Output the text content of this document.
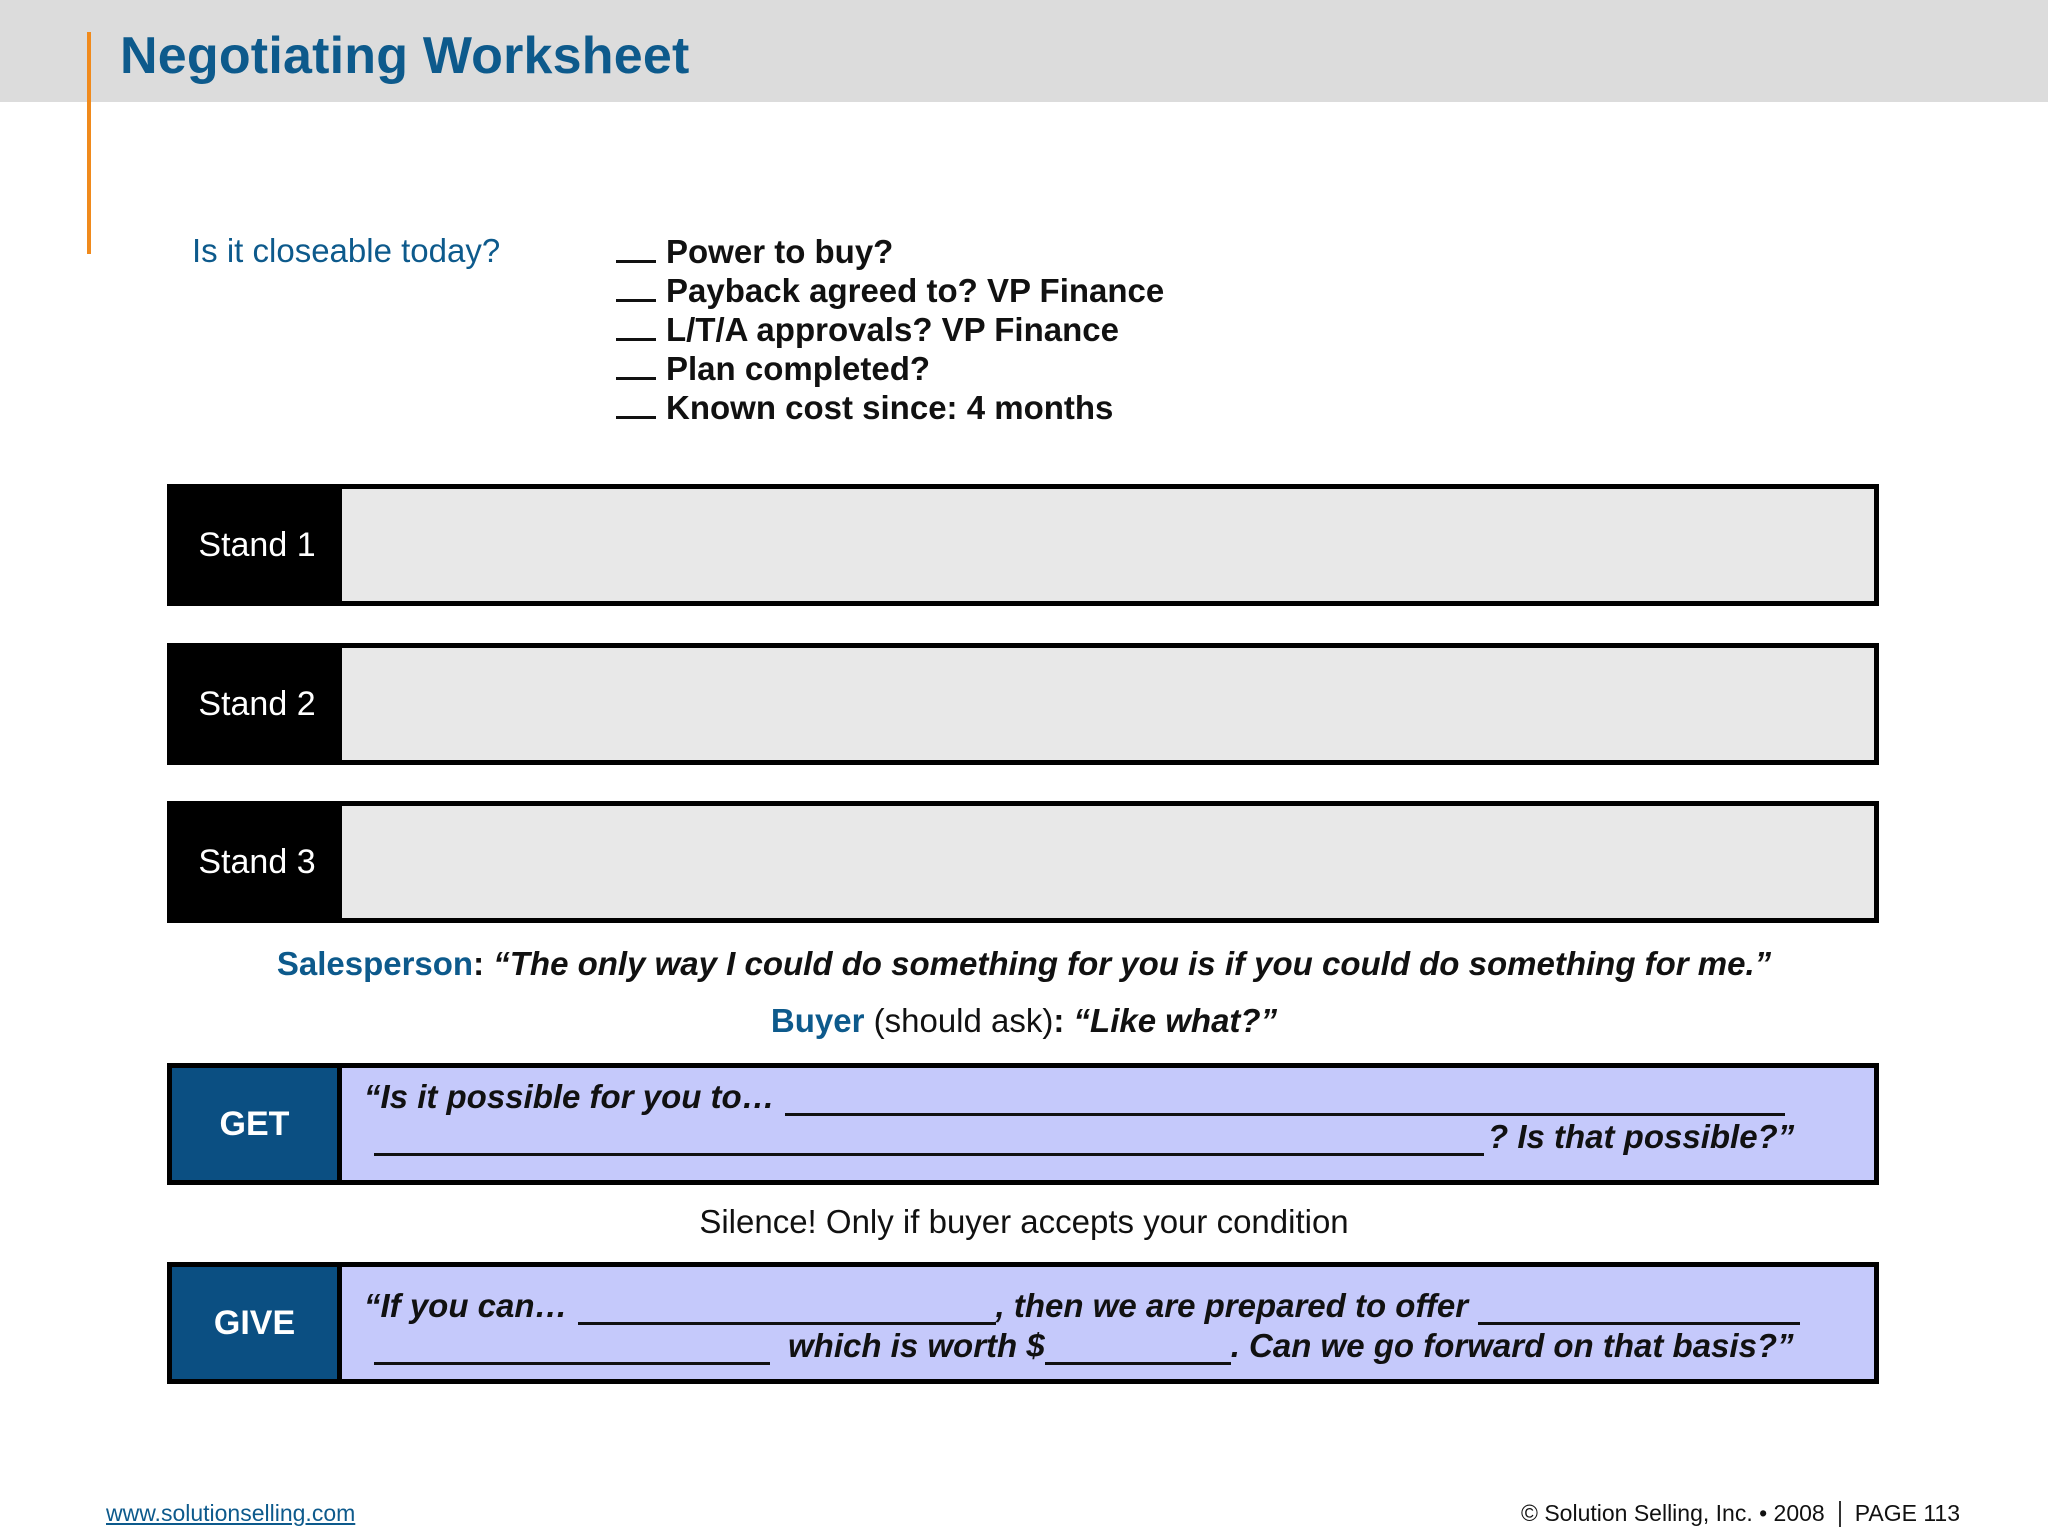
Negotiating Worksheet
Is it closeable today?	Power to buy?
Payback agreed to? VP Finance
L/T/A approvals? VP Finance
Plan completed?
Known cost since: 4 months
Stand 1
Stand 2
Stand 3
Salesperson: “The only way I could do something for you is if you could do something for me.”
Buyer (should ask): “Like what?”
GET
“Is it possible for you to…
? Is that possible?”
Silence! Only if buyer accepts your condition
GIVE	“If you can…	, then we are prepared to offer
which is worth $	. Can we go forward on that basis?”
www.solutionselling.com	© Solution Selling, Inc. • 2008 PAGE 113
